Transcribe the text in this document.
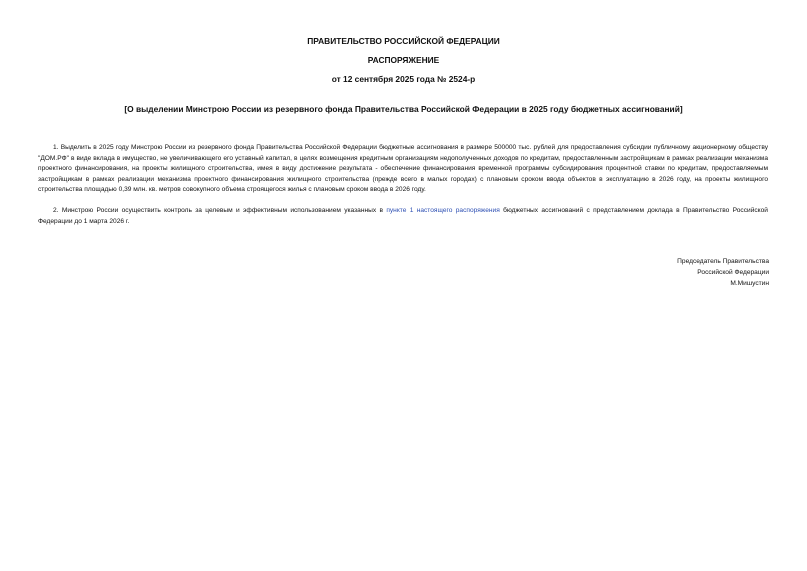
ПРАВИТЕЛЬСТВО РОССИЙСКОЙ ФЕДЕРАЦИИ
РАСПОРЯЖЕНИЕ
от 12 сентября 2025 года № 2524-р
[О выделении Минстрою России из резервного фонда Правительства Российской Федерации в 2025 году бюджетных ассигнований]
1. Выделить в 2025 году Минстрою России из резервного фонда Правительства Российской Федерации бюджетные ассигнования в размере 500000 тыс. рублей для предоставления субсидии публичному акционерному обществу "ДОМ.РФ" в виде вклада в имущество, не увеличивающего его уставный капитал, в целях возмещения кредитным организациям недополученных доходов по кредитам, предоставленным застройщикам в рамках реализации механизма проектного финансирования, на проекты жилищного строительства, имея в виду достижение результата - обеспечение финансирования временной программы субсидирования процентной ставки по кредитам, предоставляемым застройщикам в рамках реализации механизма проектного финансирования жилищного строительства (прежде всего в малых городах) с плановым сроком ввода объектов в эксплуатацию в 2026 году, на проекты жилищного строительства площадью 0,39 млн. кв. метров совокупного объема строящегося жилья с плановым сроком ввода в 2026 году.
2. Минстрою России осуществить контроль за целевым и эффективным использованием указанных в пункте 1 настоящего распоряжения бюджетных ассигнований с представлением доклада в Правительство Российской Федерации до 1 марта 2026 г.
Председатель Правительства
Российской Федерации
М.Мишустин
